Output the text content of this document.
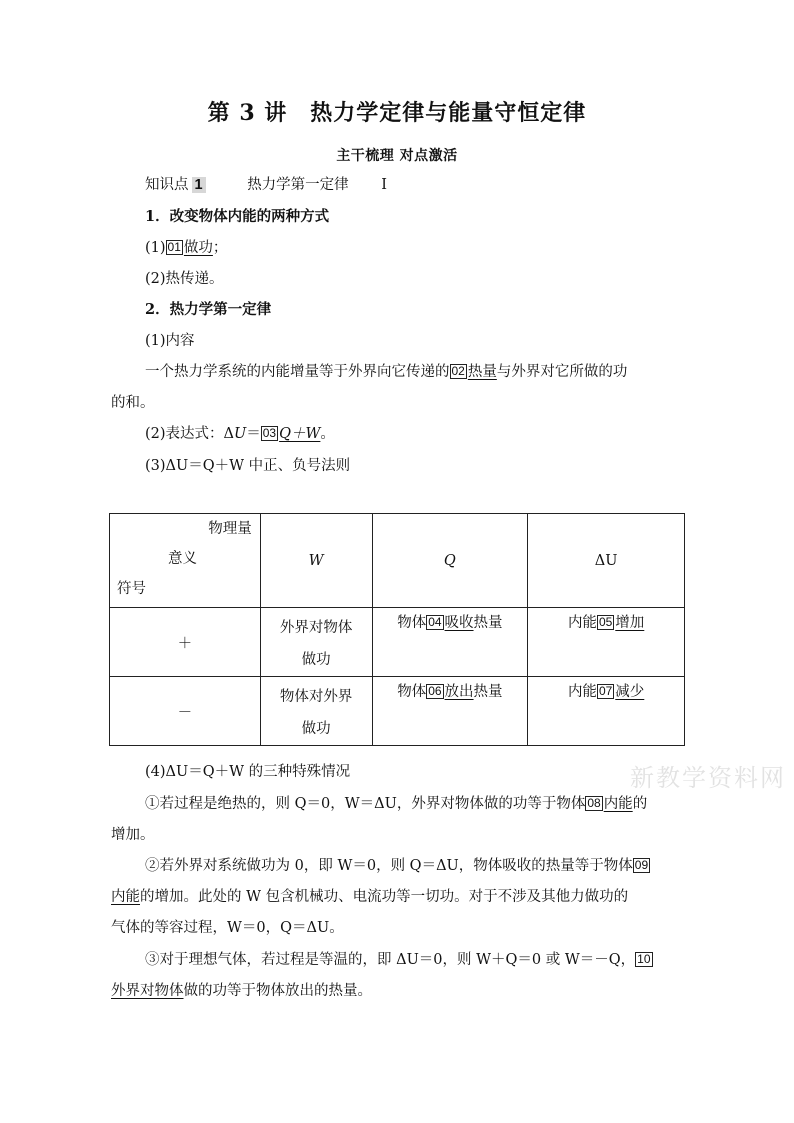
第 3 讲　热力学定律与能量守恒定律
主干梳理 对点激活
知识点 1	热力学第一定律 Ⅰ
1．改变物体内能的两种方式
(1) 01 做功；
(2)热传递。
2．热力学第一定律
(1)内容
一个热力学系统的内能增量等于外界向它传递的 02 热量与外界对它所做的功
的和。
(2)表达式：ΔU＝ 03 Q＋W。
(3)ΔU＝Q＋W 中正、负号法则
物理量
意义
符号	W	Q	ΔU
＋	外界对物体
做功	物体 04 吸收热量	内能 05 增加
－	物体对外界
做功	物体 06 放出热量	内能 07 减少
(4)ΔU＝Q＋W 的三种特殊情况	新教学资料网
①若过程是绝热的，则 Q＝0，W＝ΔU，外界对物体做的功等于物体 08 内能的
增加。
②若外界对系统做功为 0，即 W＝0，则 Q＝ΔU，物体吸收的热量等于物体 09
内能的增加。此处的 W 包含机械功、电流功等一切功。对于不涉及其他力做功的
气体的等容过程，W＝0，Q＝ΔU。
③对于理想气体，若过程是等温的，即 ΔU＝0，则 W＋Q＝0 或 W＝－Q， 10
外界对物体做的功等于物体放出的热量。
